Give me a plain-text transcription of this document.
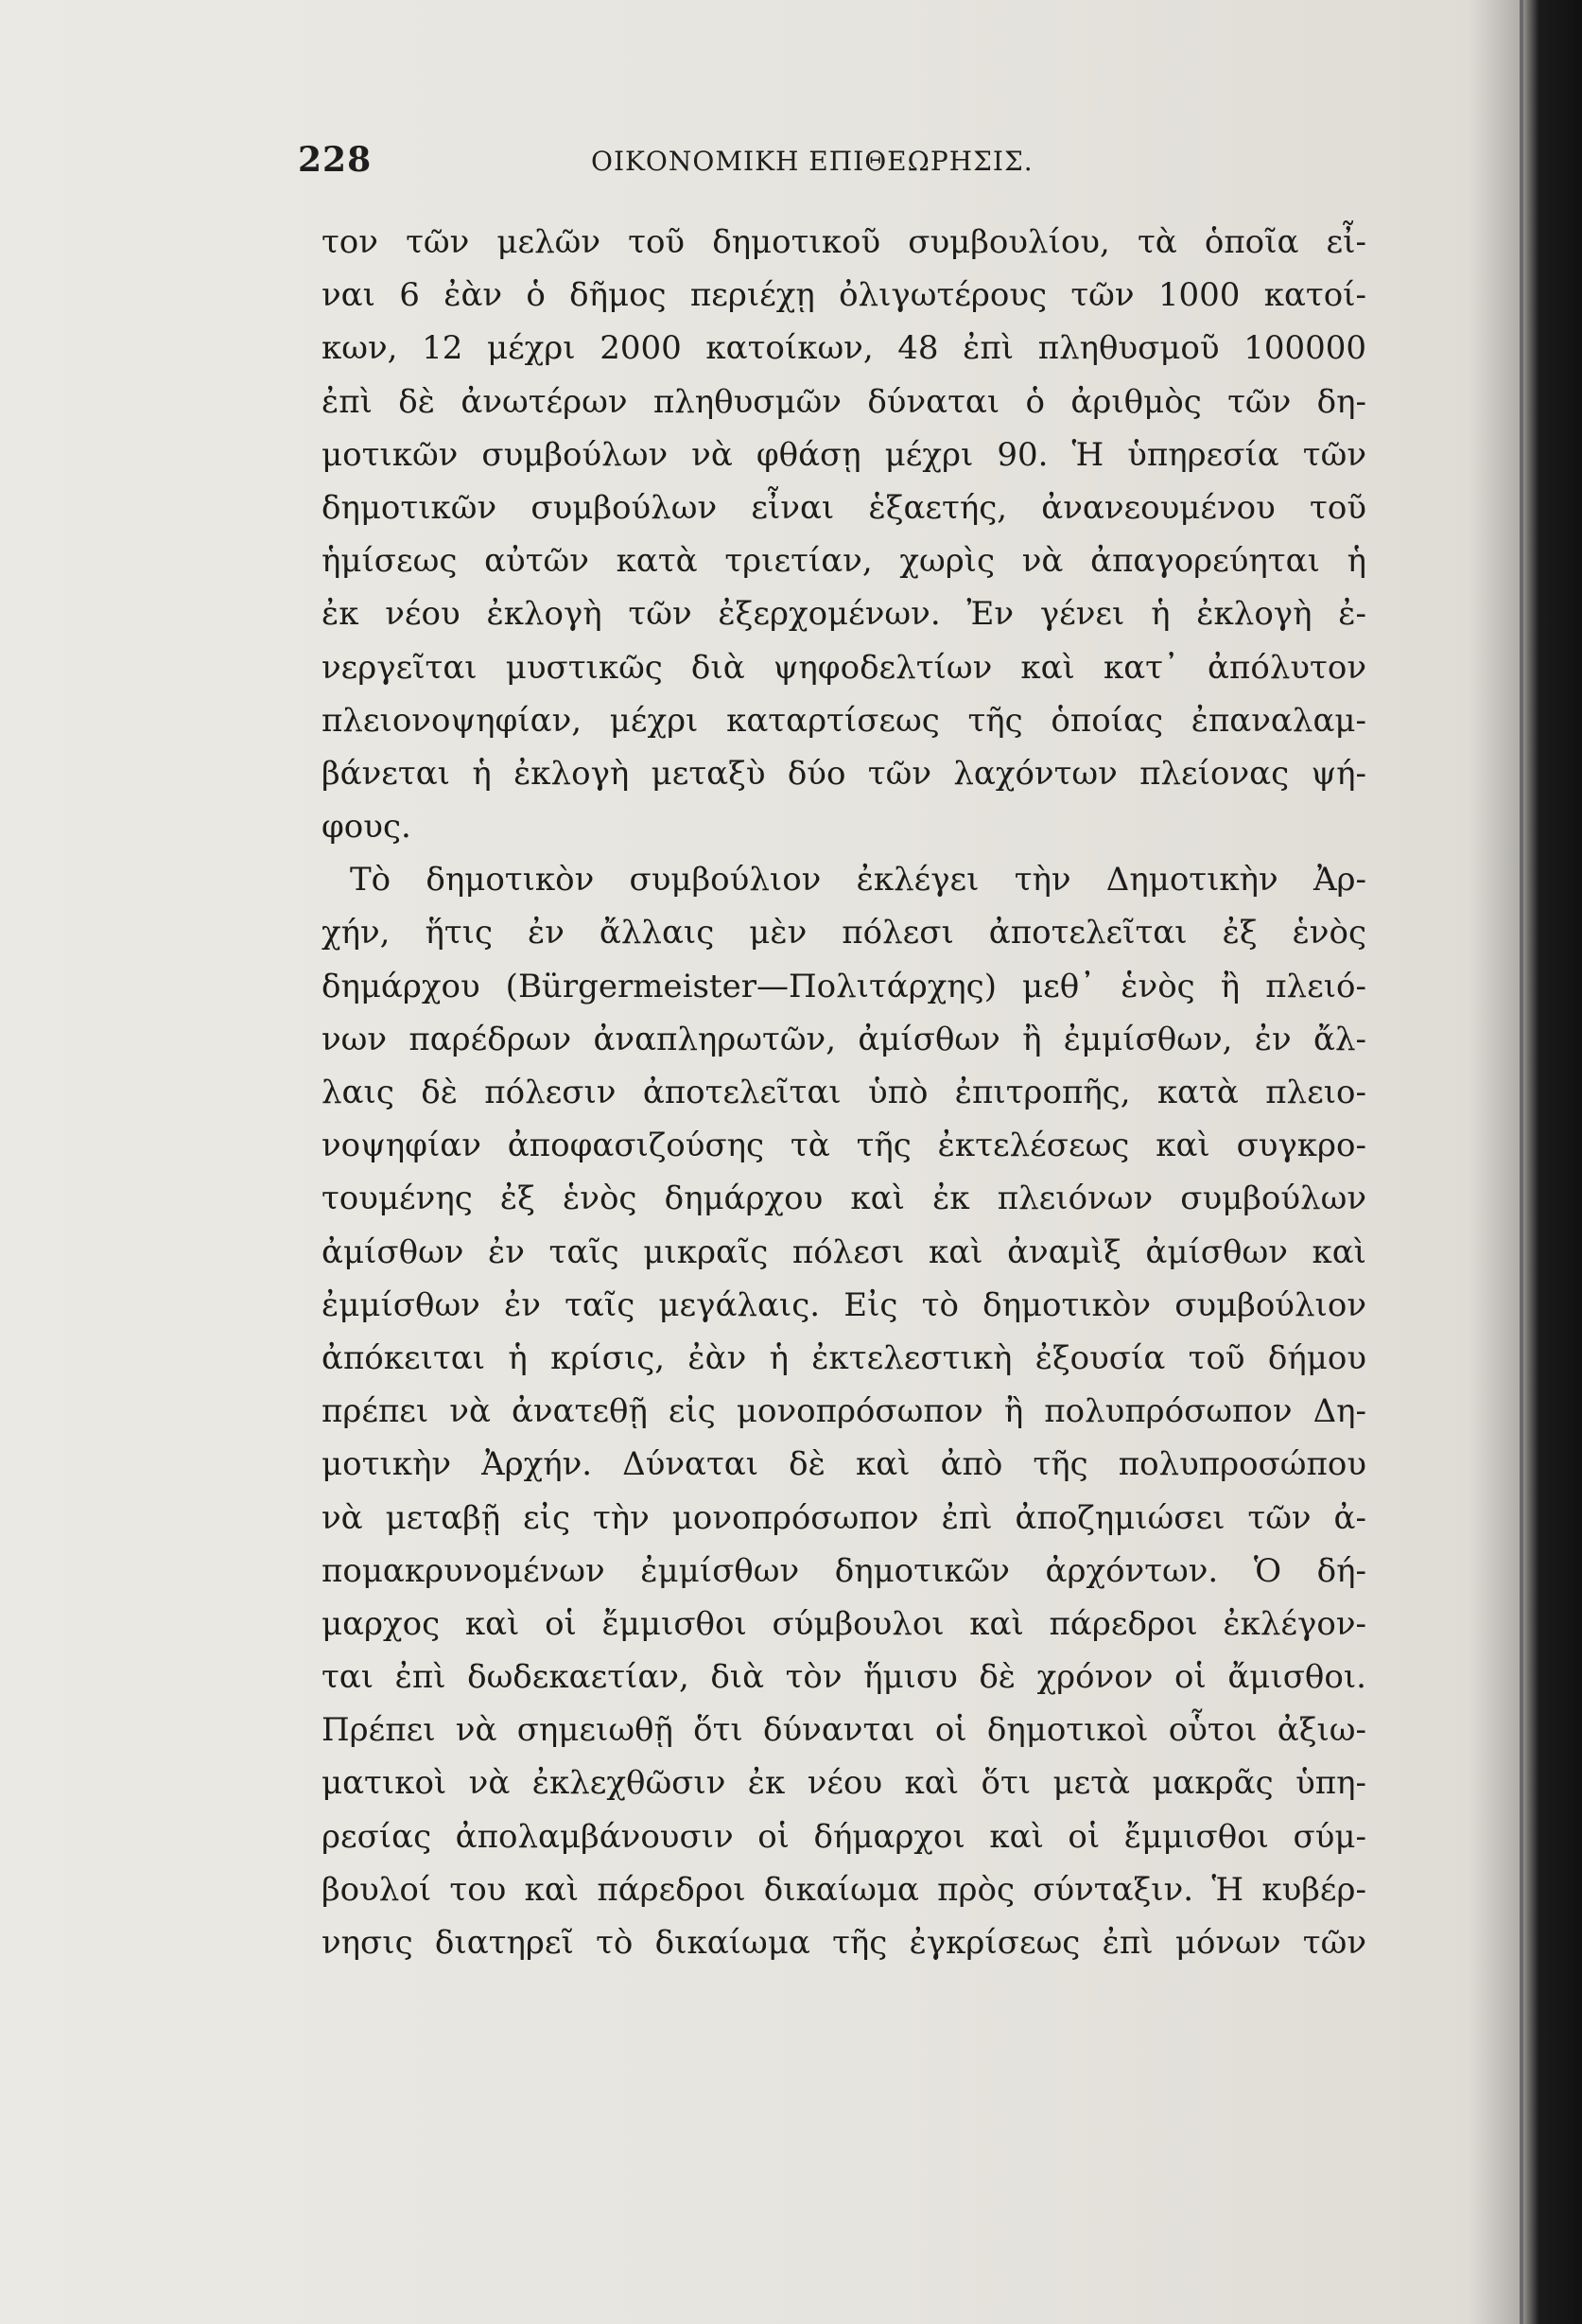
228	ΟΙΚΟΝΟΜΙΚΗ ΕΠΙΘΕΩΡΗΣΙΣ.
τον τῶν μελῶν τοῦ δημοτικοῦ συμβουλίου, τὰ ὁποῖα εἶ-
ναι 6 ἐὰν ὁ δῆμος περιέχῃ ὀλιγωτέρους τῶν 1000 κατοί-
κων, 12 μέχρι 2000 κατοίκων, 48 ἐπὶ πληθυσμοῦ 100000
ἐπὶ δὲ ἀνωτέρων πληθυσμῶν δύναται ὁ ἀριθμὸς τῶν δη-
μοτικῶν συμβούλων νὰ φθάσῃ μέχρι 90. Ἡ ὑπηρεσία τῶν
δημοτικῶν συμβούλων εἶναι ἑξαετής, ἀνανεουμένου τοῦ
ἡμίσεως αὐτῶν κατὰ τριετίαν, χωρὶς νὰ ἀπαγορεύηται ἡ
ἐκ νέου ἐκλογὴ τῶν ἐξερχομένων. Ἐν γένει ἡ ἐκλογὴ ἐ-
νεργεῖται μυστικῶς διὰ ψηφοδελτίων καὶ κατ᾽ ἀπόλυτον
πλειονοψηφίαν, μέχρι καταρτίσεως τῆς ὁποίας ἐπαναλαμ-
βάνεται ἡ ἐκλογὴ μεταξὺ δύο τῶν λαχόντων πλείονας ψή-
φους.
Τὸ δημοτικὸν συμβούλιον ἐκλέγει τὴν Δημοτικὴν Ἀρ-
χήν, ἥτις ἐν ἄλλαις μὲν πόλεσι ἀποτελεῖται ἐξ ἑνὸς
δημάρχου (Bürgermeister—Πολιτάρχης) μεθ᾽ ἑνὸς ἢ πλειό-
νων παρέδρων ἀναπληρωτῶν, ἀμίσθων ἢ ἐμμίσθων, ἐν ἄλ-
λαις δὲ πόλεσιν ἀποτελεῖται ὑπὸ ἐπιτροπῆς, κατὰ πλειο-
νοψηφίαν ἀποφασιζούσης τὰ τῆς ἐκτελέσεως καὶ συγκρο-
τουμένης ἐξ ἑνὸς δημάρχου καὶ ἐκ πλειόνων συμβούλων
ἀμίσθων ἐν ταῖς μικραῖς πόλεσι καὶ ἀναμὶξ ἀμίσθων καὶ
ἐμμίσθων ἐν ταῖς μεγάλαις. Εἰς τὸ δημοτικὸν συμβούλιον
ἀπόκειται ἡ κρίσις, ἐὰν ἡ ἐκτελεστικὴ ἐξουσία τοῦ δήμου
πρέπει νὰ ἀνατεθῇ εἰς μονοπρόσωπον ἢ πολυπρόσωπον Δη-
μοτικὴν Ἀρχήν. Δύναται δὲ καὶ ἀπὸ τῆς πολυπροσώπου
νὰ μεταβῇ εἰς τὴν μονοπρόσωπον ἐπὶ ἀποζημιώσει τῶν ἀ-
πομακρυνομένων ἐμμίσθων δημοτικῶν ἀρχόντων. Ὁ δή-
μαρχος καὶ οἱ ἔμμισθοι σύμβουλοι καὶ πάρεδροι ἐκλέγον-
ται ἐπὶ δωδεκαετίαν, διὰ τὸν ἥμισυ δὲ χρόνον οἱ ἄμισθοι.
Πρέπει νὰ σημειωθῇ ὅτι δύνανται οἱ δημοτικοὶ οὗτοι ἀξιω-
ματικοὶ νὰ ἐκλεχθῶσιν ἐκ νέου καὶ ὅτι μετὰ μακρᾶς ὑπη-
ρεσίας ἀπολαμβάνουσιν οἱ δήμαρχοι καὶ οἱ ἔμμισθοι σύμ-
βουλοί του καὶ πάρεδροι δικαίωμα πρὸς σύνταξιν. Ἡ κυβέρ-
νησις διατηρεῖ τὸ δικαίωμα τῆς ἐγκρίσεως ἐπὶ μόνων τῶν
